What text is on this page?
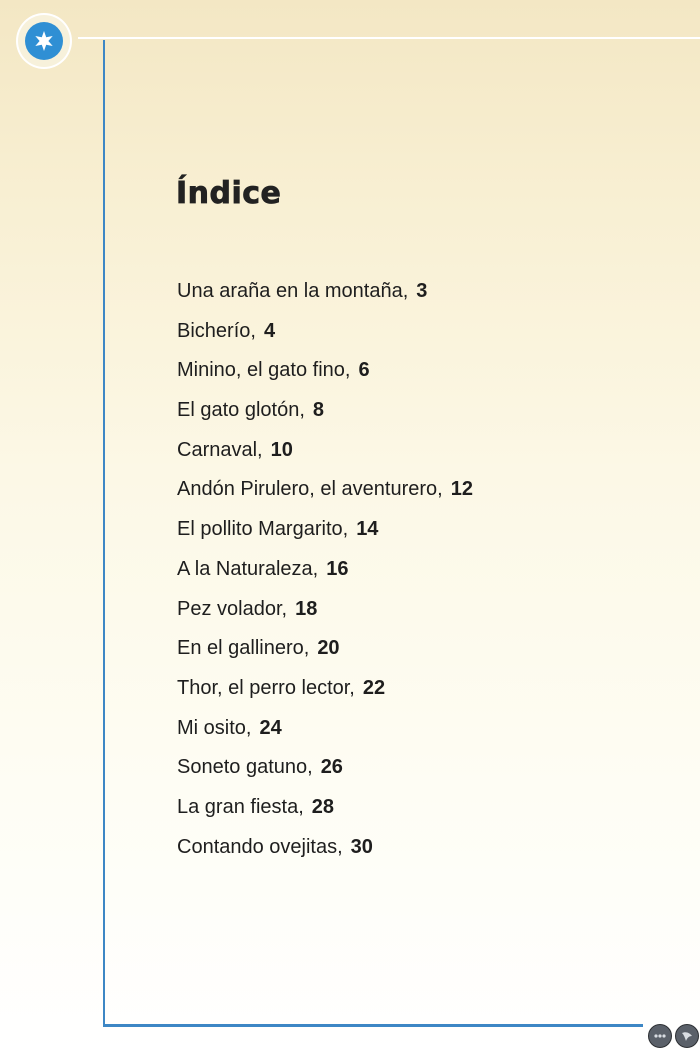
Índice
Una araña en la montaña, 3
Bicherío, 4
Minino, el gato fino, 6
El gato glotón, 8
Carnaval, 10
Andón Pirulero, el aventurero, 12
El pollito Margarito, 14
A la Naturaleza, 16
Pez volador, 18
En el gallinero, 20
Thor, el perro lector, 22
Mi osito, 24
Soneto gatuno, 26
La gran fiesta, 28
Contando ovejitas, 30
